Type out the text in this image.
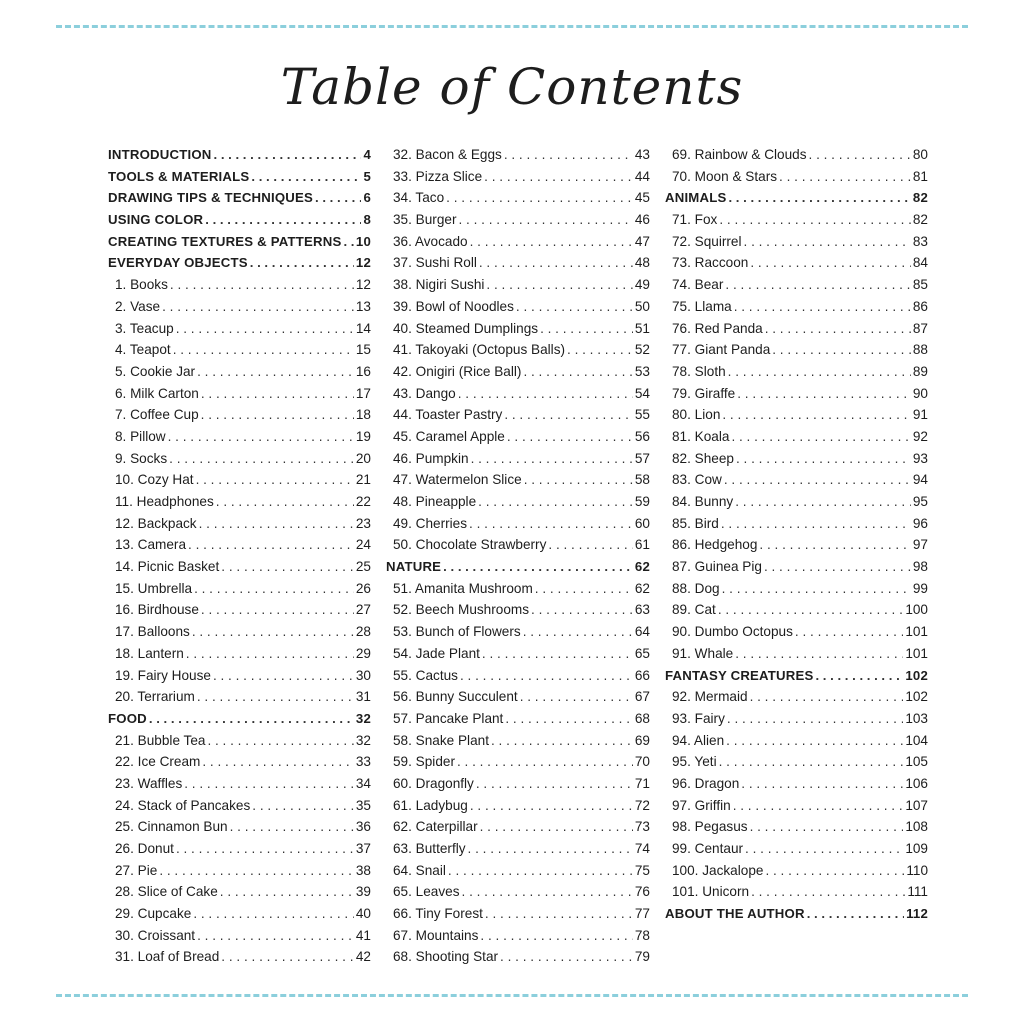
Table of Contents
INTRODUCTION . . .	4
TOOLS & MATERIALS . . .	5
DRAWING TIPS & TECHNIQUES . . .	6
USING COLOR . . .	8
CREATING TEXTURES & PATTERNS . . . 10
EVERYDAY OBJECTS . . .	12
1. Books . . .	12
2. Vase . . .	13
3. Teacup . . .	14
4. Teapot . . .	15
5. Cookie Jar . . .	16
6. Milk Carton . . .	17
7. Coffee Cup . . .	18
8. Pillow . . .	19
9. Socks . . .	20
10. Cozy Hat . . .	21
11. Headphones . . .	22
12. Backpack . . .	23
13. Camera . . .	24
14. Picnic Basket . . .	25
15. Umbrella . . .	26
16. Birdhouse . . .	27
17. Balloons . . .	28
18. Lantern . . .	29
19. Fairy House . . .	30
20. Terrarium . . .	31
FOOD . . .	32
21. Bubble Tea . . .	32
22. Ice Cream . . .	33
23. Waffles . . .	34
24. Stack of Pancakes . . .	35
25. Cinnamon Bun . . .	36
26. Donut . . .	37
27. Pie . . .	38
28. Slice of Cake . . .	39
29. Cupcake . . .	40
30. Croissant . . .	41
31. Loaf of Bread . . .	42
32. Bacon & Eggs . . .	43
33. Pizza Slice . . .	44
34. Taco . . .	45
35. Burger . . .	46
36. Avocado . . .	47
37. Sushi Roll . . .	48
38. Nigiri Sushi . . .	49
39. Bowl of Noodles . . .	50
40. Steamed Dumplings . . .	51
41. Takoyaki (Octopus Balls) . . .	52
42. Onigiri (Rice Ball) . . .	53
43. Dango . . .	54
44. Toaster Pastry . . .	55
45. Caramel Apple . . .	56
46. Pumpkin . . .	57
47. Watermelon Slice . . .	58
48. Pineapple . . .	59
49. Cherries . . .	60
50. Chocolate Strawberry . . .	61
NATURE . . .	62
51. Amanita Mushroom . . .	62
52. Beech Mushrooms . . .	63
53. Bunch of Flowers . . .	64
54. Jade Plant . . .	65
55. Cactus . . .	66
56. Bunny Succulent . . .	67
57. Pancake Plant . . .	68
58. Snake Plant . . .	69
59. Spider . . .	70
60. Dragonfly . . .	71
61. Ladybug . . .	72
62. Caterpillar . . .	73
63. Butterfly . . .	74
64. Snail . . .	75
65. Leaves . . .	76
66. Tiny Forest . . .	77
67. Mountains . . .	78
68. Shooting Star . . .	79
69. Rainbow & Clouds . . .	80
70. Moon & Stars . . .	81
ANIMALS . . .	82
71. Fox . . .	82
72. Squirrel . . .	83
73. Raccoon . . .	84
74. Bear . . .	85
75. Llama . . .	86
76. Red Panda . . .	87
77. Giant Panda . . .	88
78. Sloth . . .	89
79. Giraffe . . .	90
80. Lion . . .	91
81. Koala . . .	92
82. Sheep . . .	93
83. Cow . . .	94
84. Bunny . . .	95
85. Bird . . .	96
86. Hedgehog . . .	97
87. Guinea Pig . . .	98
88. Dog . . .	99
89. Cat . . .	100
90. Dumbo Octopus . . .	101
91. Whale . . .	101
FANTASY CREATURES . . .	102
92. Mermaid . . .	102
93. Fairy . . .	103
94. Alien . . .	104
95. Yeti . . .	105
96. Dragon . . .	106
97. Griffin . . .	107
98. Pegasus . . .	108
99. Centaur . . .	109
100. Jackalope . . .	110
101. Unicorn . . .	111
ABOUT THE AUTHOR . . .	112
